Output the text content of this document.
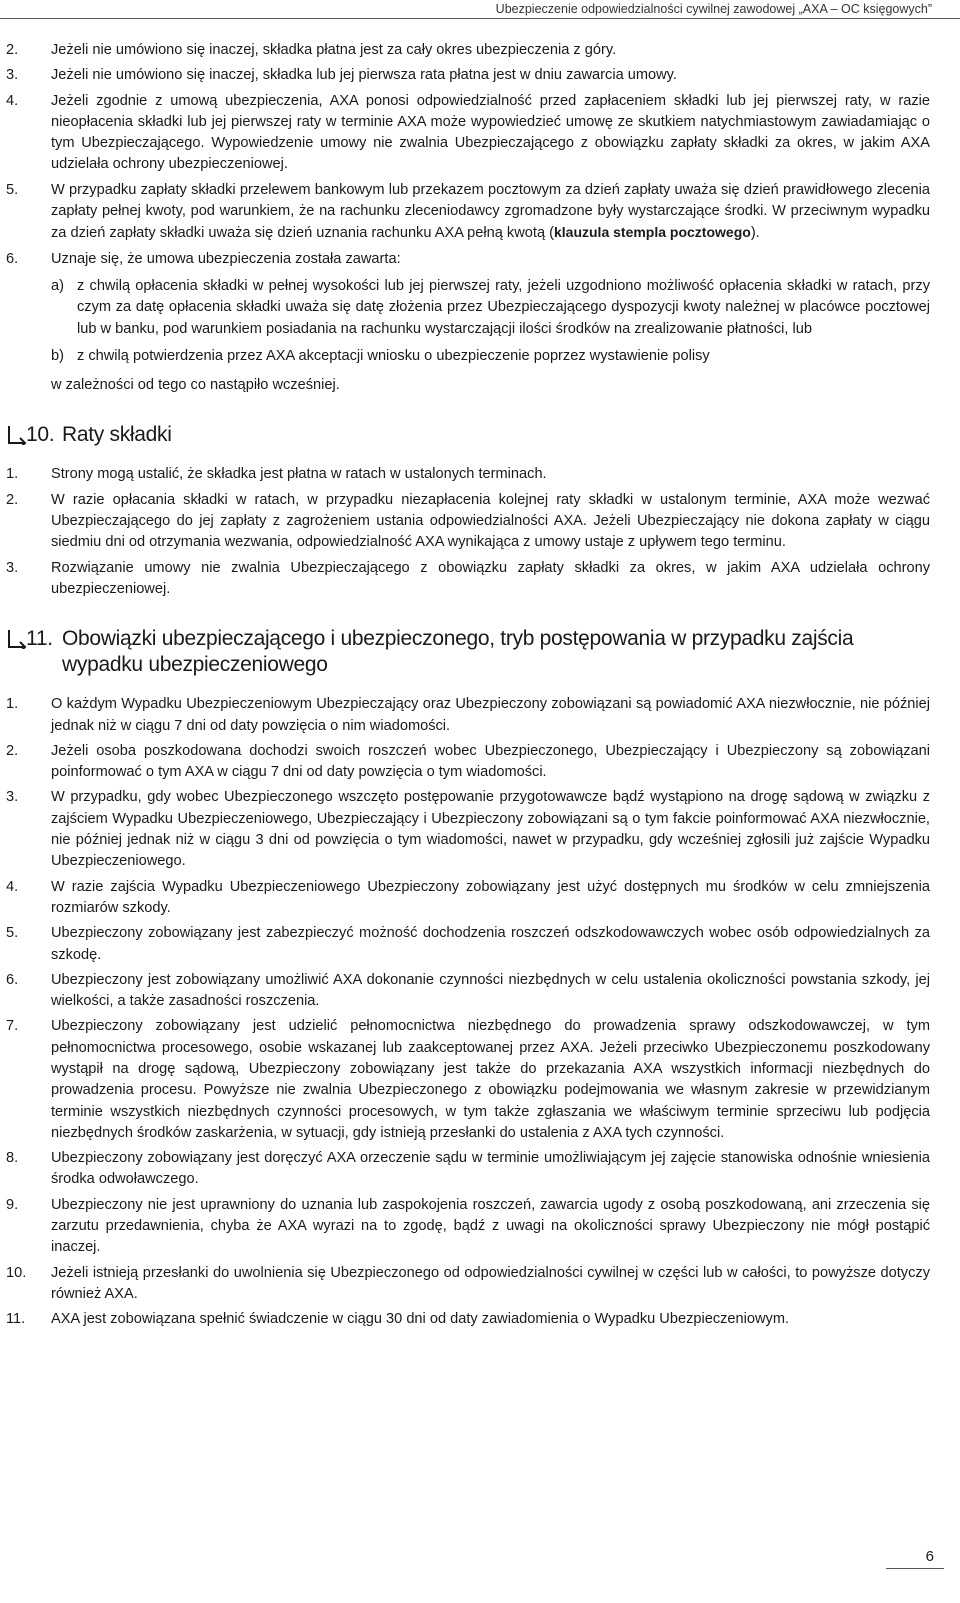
Ubezpieczenie odpowiedzialności cywilnej zawodowej „AXA – OC księgowych”
2. Jeżeli nie umówiono się inaczej, składka płatna jest za cały okres ubezpieczenia z góry.
3. Jeżeli nie umówiono się inaczej, składka lub jej pierwsza rata płatna jest w dniu zawarcia umowy.
4. Jeżeli zgodnie z umową ubezpieczenia, AXA ponosi odpowiedzialność przed zapłaceniem składki lub jej pierwszej raty, w razie nieopłacenia składki lub jej pierwszej raty w terminie AXA może wypowiedzieć umowę ze skutkiem natychmiastowym zawiadamiając o tym Ubezpieczającego. Wypowiedzenie umowy nie zwalnia Ubezpieczającego z obowiązku zapłaty składki za okres, w jakim AXA udzielała ochrony ubezpieczeniowej.
5. W przypadku zapłaty składki przelewem bankowym lub przekazem pocztowym za dzień zapłaty uważa się dzień prawidłowego zlecenia zapłaty pełnej kwoty, pod warunkiem, że na rachunku zleceniodawcy zgromadzone były wystarczające środki. W przeciwnym wypadku za dzień zapłaty składki uważa się dzień uznania rachunku AXA pełną kwotą (klauzula stempla pocztowego).
6. Uznaje się, że umowa ubezpieczenia została zawarta:
a) z chwilą opłacenia składki w pełnej wysokości lub jej pierwszej raty, jeżeli uzgodniono możliwość opłacenia składki w ratach, przy czym za datę opłacenia składki uważa się datę złożenia przez Ubezpieczającego dyspozycji kwoty należnej w placówce pocztowej lub w banku, pod warunkiem posiadania na rachunku wystarczającji ilości środków na zrealizowanie płatności, lub
b) z chwilą potwierdzenia przez AXA akceptacji wniosku o ubezpieczenie poprzez wystawienie polisy
w zależności od tego co nastąpiło wcześniej.
10. Raty składki
1. Strony mogą ustalić, że składka jest płatna w ratach w ustalonych terminach.
2. W razie opłacania składki w ratach, w przypadku niezapłacenia kolejnej raty składki w ustalonym terminie, AXA może wezwać Ubezpieczającego do jej zapłaty z zagrożeniem ustania odpowiedzialności AXA. Jeżeli Ubezpieczający nie dokona zapłaty w ciągu siedmiu dni od otrzymania wezwania, odpowiedzialność AXA wynikająca z umowy ustaje z upływem tego terminu.
3. Rozwiązanie umowy nie zwalnia Ubezpieczającego z obowiązku zapłaty składki za okres, w jakim AXA udzielała ochrony ubezpieczeniowej.
11. Obowiązki ubezpieczającego i ubezpieczonego, tryb postępowania w przypadku zajścia wypadku ubezpieczeniowego
1. O każdym Wypadku Ubezpieczeniowym Ubezpieczający oraz Ubezpieczony zobowiązani są powiadomić AXA niezwłocznie, nie później jednak niż w ciągu 7 dni od daty powzięcia o nim wiadomości.
2. Jeżeli osoba poszkodowana dochodzi swoich roszczeń wobec Ubezpieczonego, Ubezpieczający i Ubezpieczony są zobowiązani poinformować o tym AXA w ciągu 7 dni od daty powzięcia o tym wiadomości.
3. W przypadku, gdy wobec Ubezpieczonego wszczęto postępowanie przygotowawcze bądź wystąpiono na drogę sądową w związku z zajściem Wypadku Ubezpieczeniowego, Ubezpieczający i Ubezpieczony zobowiązani są o tym fakcie poinformować AXA niezwłocznie, nie później jednak niż w ciągu 3 dni od powzięcia o tym wiadomości, nawet w przypadku, gdy wcześniej zgłosili już zajście Wypadku Ubezpieczeniowego.
4. W razie zajścia Wypadku Ubezpieczeniowego Ubezpieczony zobowiązany jest użyć dostępnych mu środków w celu zmniejszenia rozmiarów szkody.
5. Ubezpieczony zobowiązany jest zabezpieczyć możność dochodzenia roszczeń odszkodowawczych wobec osób odpowiedzialnych za szkodę.
6. Ubezpieczony jest zobowiązany umożliwić AXA dokonanie czynności niezbędnych w celu ustalenia okoliczności powstania szkody, jej wielkości, a także zasadności roszczenia.
7. Ubezpieczony zobowiązany jest udzielić pełnomocnictwa niezbędnego do prowadzenia sprawy odszkodowawczej, w tym pełnomocnictwa procesowego, osobie wskazanej lub zaakceptowanej przez AXA. Jeżeli przeciwko Ubezpieczonemu poszkodowany wystąpił na drogę sądową, Ubezpieczony zobowiązany jest także do przekazania AXA wszystkich informacji niezbędnych do prowadzenia procesu. Powyższe nie zwalnia Ubezpieczonego z obowiązku podejmowania we własnym zakresie w przewidzianym terminie wszystkich niezbędnych czynności procesowych, w tym także zgłaszania we właściwym terminie sprzeciwu lub podjęcia niezbędnych środków zaskarżenia, w sytuacji, gdy istnieją przesłanki do ustalenia z AXA tych czynności.
8. Ubezpieczony zobowiązany jest doręczyć AXA orzeczenie sądu w terminie umożliwiającym jej zajęcie stanowiska odnośnie wniesienia środka odwoławczego.
9. Ubezpieczony nie jest uprawniony do uznania lub zaspokojenia roszczeń, zawarcia ugody z osobą poszkodowaną, ani zrzeczenia się zarzutu przedawnienia, chyba że AXA wyrazi na to zgodę, bądź z uwagi na okoliczności sprawy Ubezpieczony nie mógł postąpić inaczej.
10. Jeżeli istnieją przesłanki do uwolnienia się Ubezpieczonego od odpowiedzialności cywilnej w części lub w całości, to powyższe dotyczy również AXA.
11. AXA jest zobowiązana spełnić świadczenie w ciągu 30 dni od daty zawiadomienia o Wypadku Ubezpieczeniowym.
6
